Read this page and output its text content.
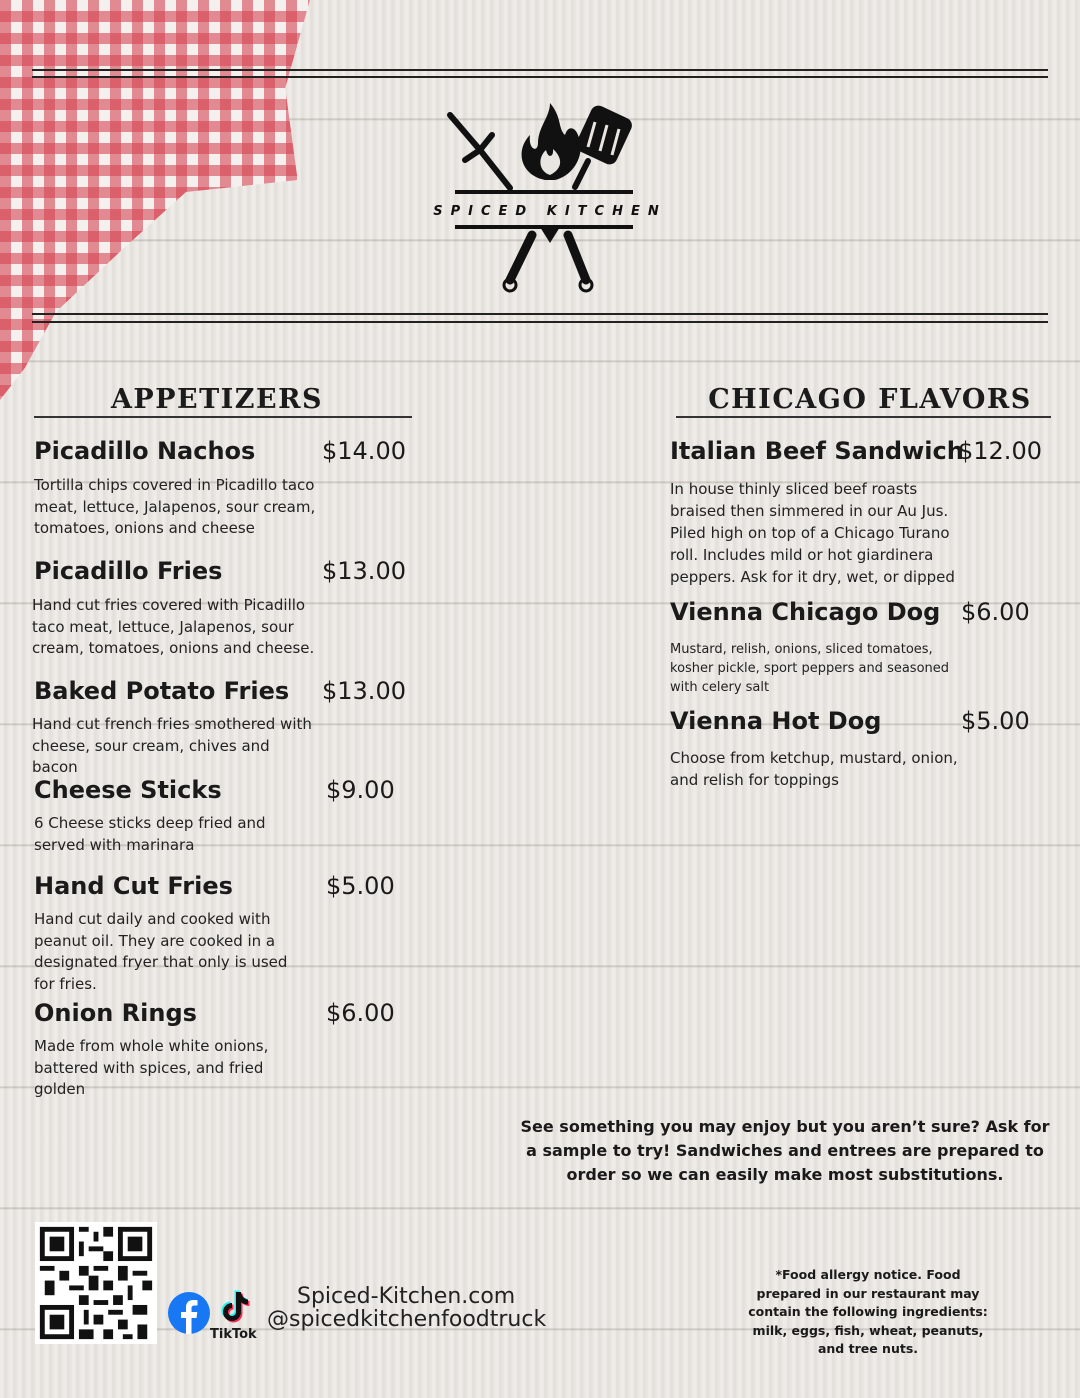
SPICED KITCHEN
APPETIZERS	CHICAGO FLAVORS
Picadillo Nachos	$14.00
Tortilla chips covered in Picadillo taco meat, lettuce, Jalapenos, sour cream, tomatoes, onions and cheese
Picadillo Fries	$13.00
Hand cut fries covered with Picadillo taco meat, lettuce, Jalapenos, sour cream, tomatoes, onions and cheese.
Baked Potato Fries $13.00
Hand cut french fries smothered with cheese, sour cream, chives and bacon
Cheese Sticks	$9.00
6 Cheese sticks deep fried and served with marinara
Hand Cut Fries	$5.00
Hand cut daily and cooked with peanut oil. They are cooked in a designated fryer that only is used for fries.
Onion Rings	$6.00
Made from whole white onions, battered with spices, and fried golden
Italian Beef Sandwich
$12.00
In house thinly sliced beef roasts braised then simmered in our Au Jus. Piled high on top of a Chicago Turano roll. Includes mild or hot giardinera peppers. Ask for it dry, wet, or dipped
Vienna Chicago Dog $6.00
Mustard, relish, onions, sliced tomatoes, kosher pickle, sport peppers and seasoned with celery salt
Vienna Hot Dog	$5.00
Choose from ketchup, mustard, onion, and relish for toppings
See something you may enjoy but you aren’t sure? Ask for a sample to try! Sandwiches and entrees are prepared to order so we can easily make most substitutions.
*Food allergy notice. Food prepared in our restaurant may contain the following ingredients: milk, eggs, fish, wheat, peanuts, and tree nuts.
TikTok
Spiced-Kitchen.com
@spicedkitchenfoodtruck
